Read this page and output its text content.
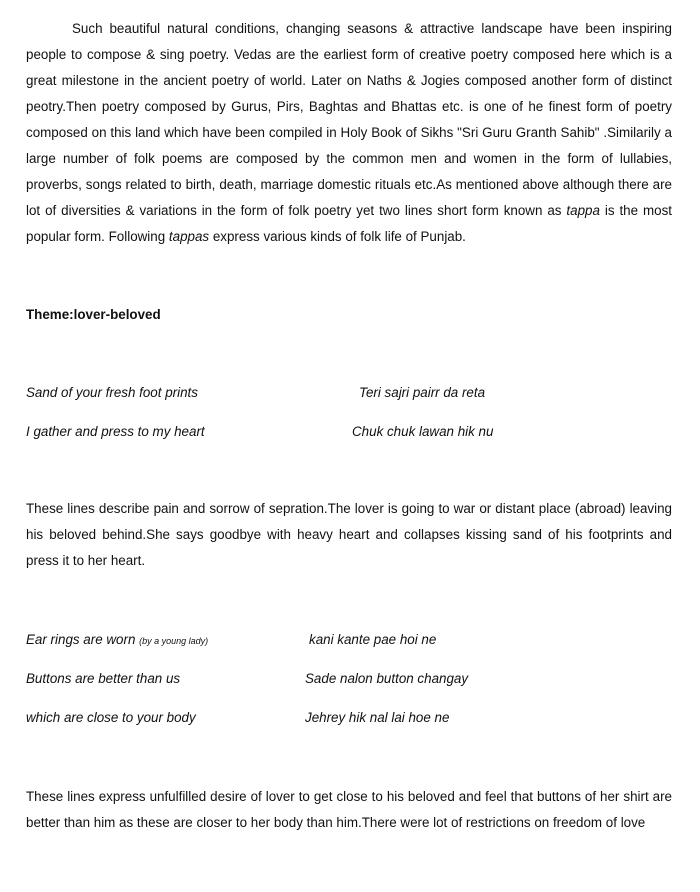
Such beautiful natural conditions, changing seasons & attractive landscape have been inspiring people to compose & sing poetry. Vedas are the earliest form of creative poetry composed here which is a great milestone in the ancient poetry of world. Later on Naths & Jogies composed another form of distinct peotry.Then poetry composed by Gurus, Pirs, Baghtas and Bhattas etc. is one of he finest form of poetry composed on this land which have been compiled in Holy Book of Sikhs "Sri Guru Granth Sahib" .Similarily a large number of folk poems are composed by the common men and women in the form of lullabies, proverbs, songs related to birth, death, marriage domestic rituals etc.As mentioned above although there are lot of diversities & variations in the form of folk poetry yet two lines short form known as tappa is the most popular form. Following tappas express various kinds of folk life of Punjab.

Theme:lover-beloved

Sand of your fresh foot prints	Teri sajri pairr da reta

I gather and press to my heart	Chuk chuk lawan hik nu

These lines describe pain and sorrow of sepration.The lover is going to war or distant place (abroad) leaving his beloved behind.She says goodbye with heavy heart and collapses kissing sand of his footprints and press it to her heart.

Ear rings are worn (by a young lady)	kani kante pae hoi ne

Buttons are better than us	Sade nalon button changay

which are close to your body	Jehrey hik nal lai hoe ne

These lines express unfulfilled desire of lover to get close to his beloved and feel that buttons of her shirt are better than him as these are closer to her body than him.There were lot of restrictions on freedom of love
